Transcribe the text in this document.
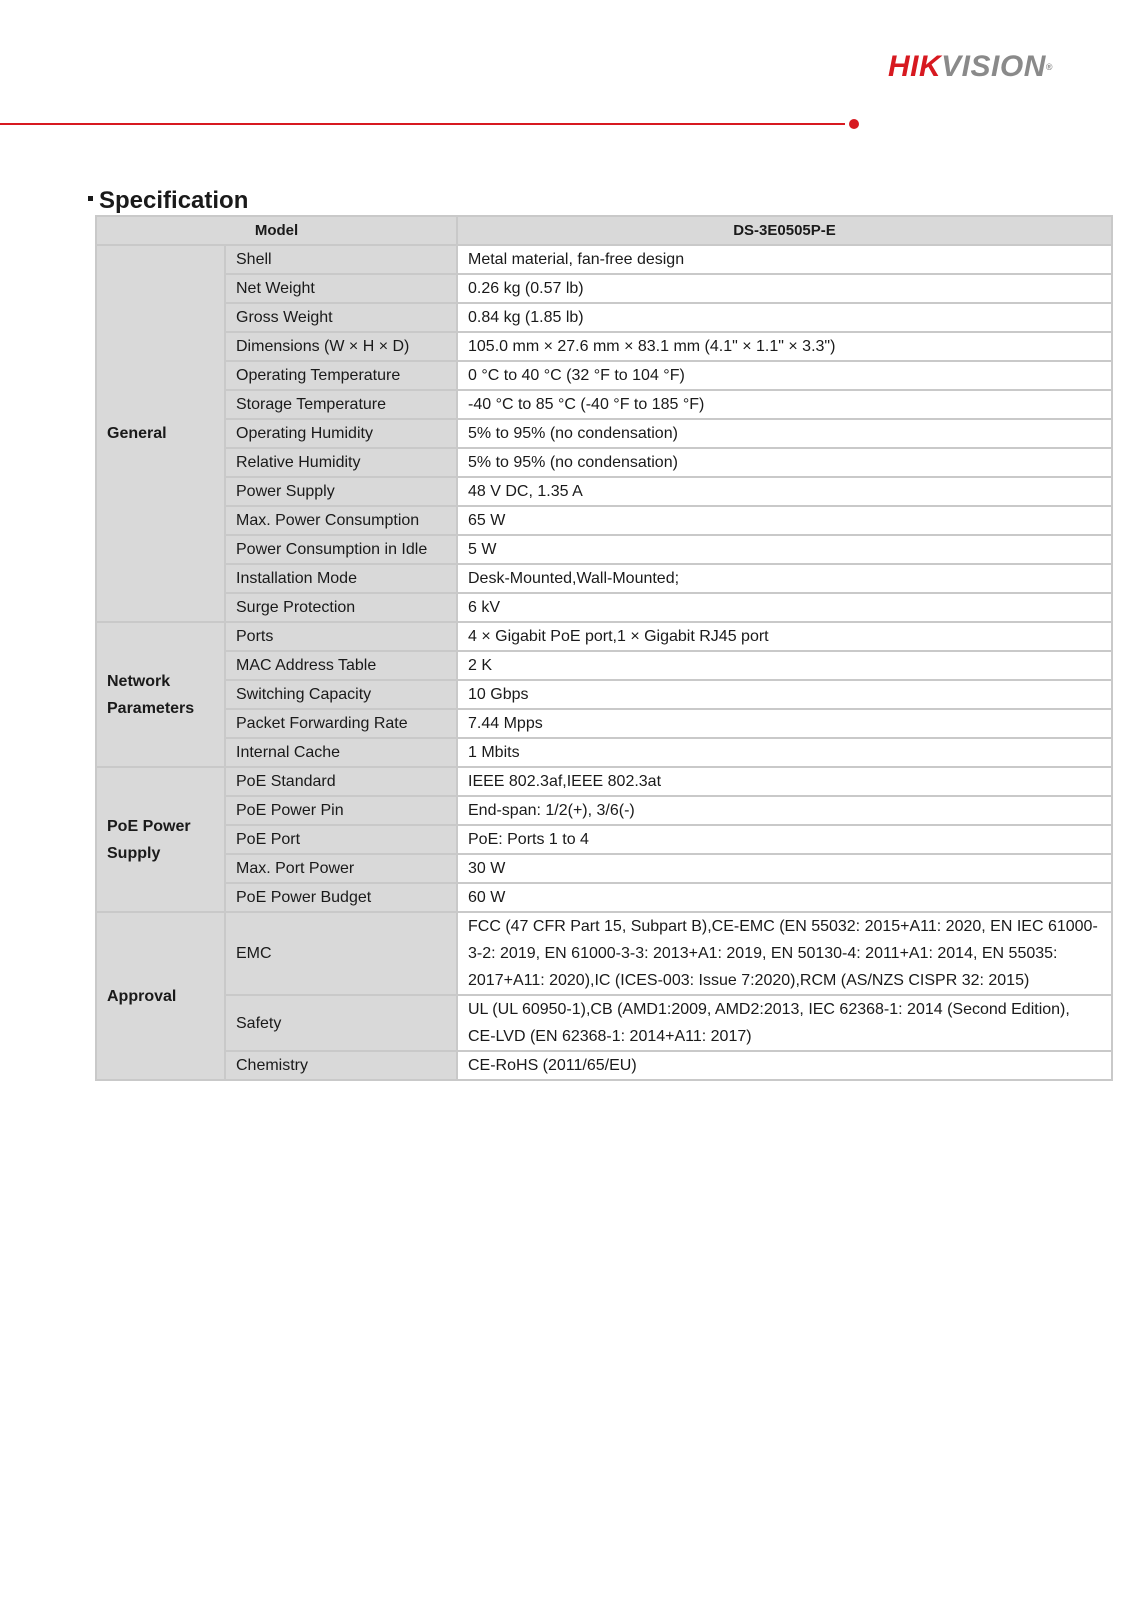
HIKVISION®
Specification
Model		DS-3E0505P-E
General	Shell	Metal material, fan-free design
	Net Weight	0.26 kg (0.57 lb)
	Gross Weight	0.84 kg (1.85 lb)
	Dimensions (W × H × D)	105.0 mm × 27.6 mm × 83.1 mm (4.1" × 1.1" × 3.3")
	Operating Temperature	0 °C to 40 °C (32 °F to 104 °F)
	Storage Temperature	-40 °C to 85 °C (-40 °F to 185 °F)
	Operating Humidity	5% to 95% (no condensation)
	Relative Humidity	5% to 95% (no condensation)
	Power Supply	48 V DC, 1.35 A
	Max. Power Consumption	65 W
	Power Consumption in Idle	5 W
	Installation Mode	Desk-Mounted,Wall-Mounted;
	Surge Protection	6 kV
Network Parameters	Ports	4 × Gigabit PoE port,1 × Gigabit RJ45 port
	MAC Address Table	2 K
	Switching Capacity	10 Gbps
	Packet Forwarding Rate	7.44 Mpps
	Internal Cache	1 Mbits
PoE Power Supply	PoE Standard	IEEE 802.3af,IEEE 802.3at
	PoE Power Pin	End-span: 1/2(+), 3/6(-)
	PoE Port	PoE: Ports 1 to 4
	Max. Port Power	30 W
	PoE Power Budget	60 W
Approval	EMC	FCC (47 CFR Part 15, Subpart B),CE-EMC (EN 55032: 2015+A11: 2020, EN IEC 61000-3-2: 2019, EN 61000-3-3: 2013+A1: 2019, EN 50130-4: 2011+A1: 2014, EN 55035: 2017+A11: 2020),IC (ICES-003: Issue 7:2020),RCM (AS/NZS CISPR 32: 2015)
	Safety	UL (UL 60950-1),CB (AMD1:2009, AMD2:2013, IEC 62368-1: 2014 (Second Edition), CE-LVD (EN 62368-1: 2014+A11: 2017)
	Chemistry	CE-RoHS (2011/65/EU)
